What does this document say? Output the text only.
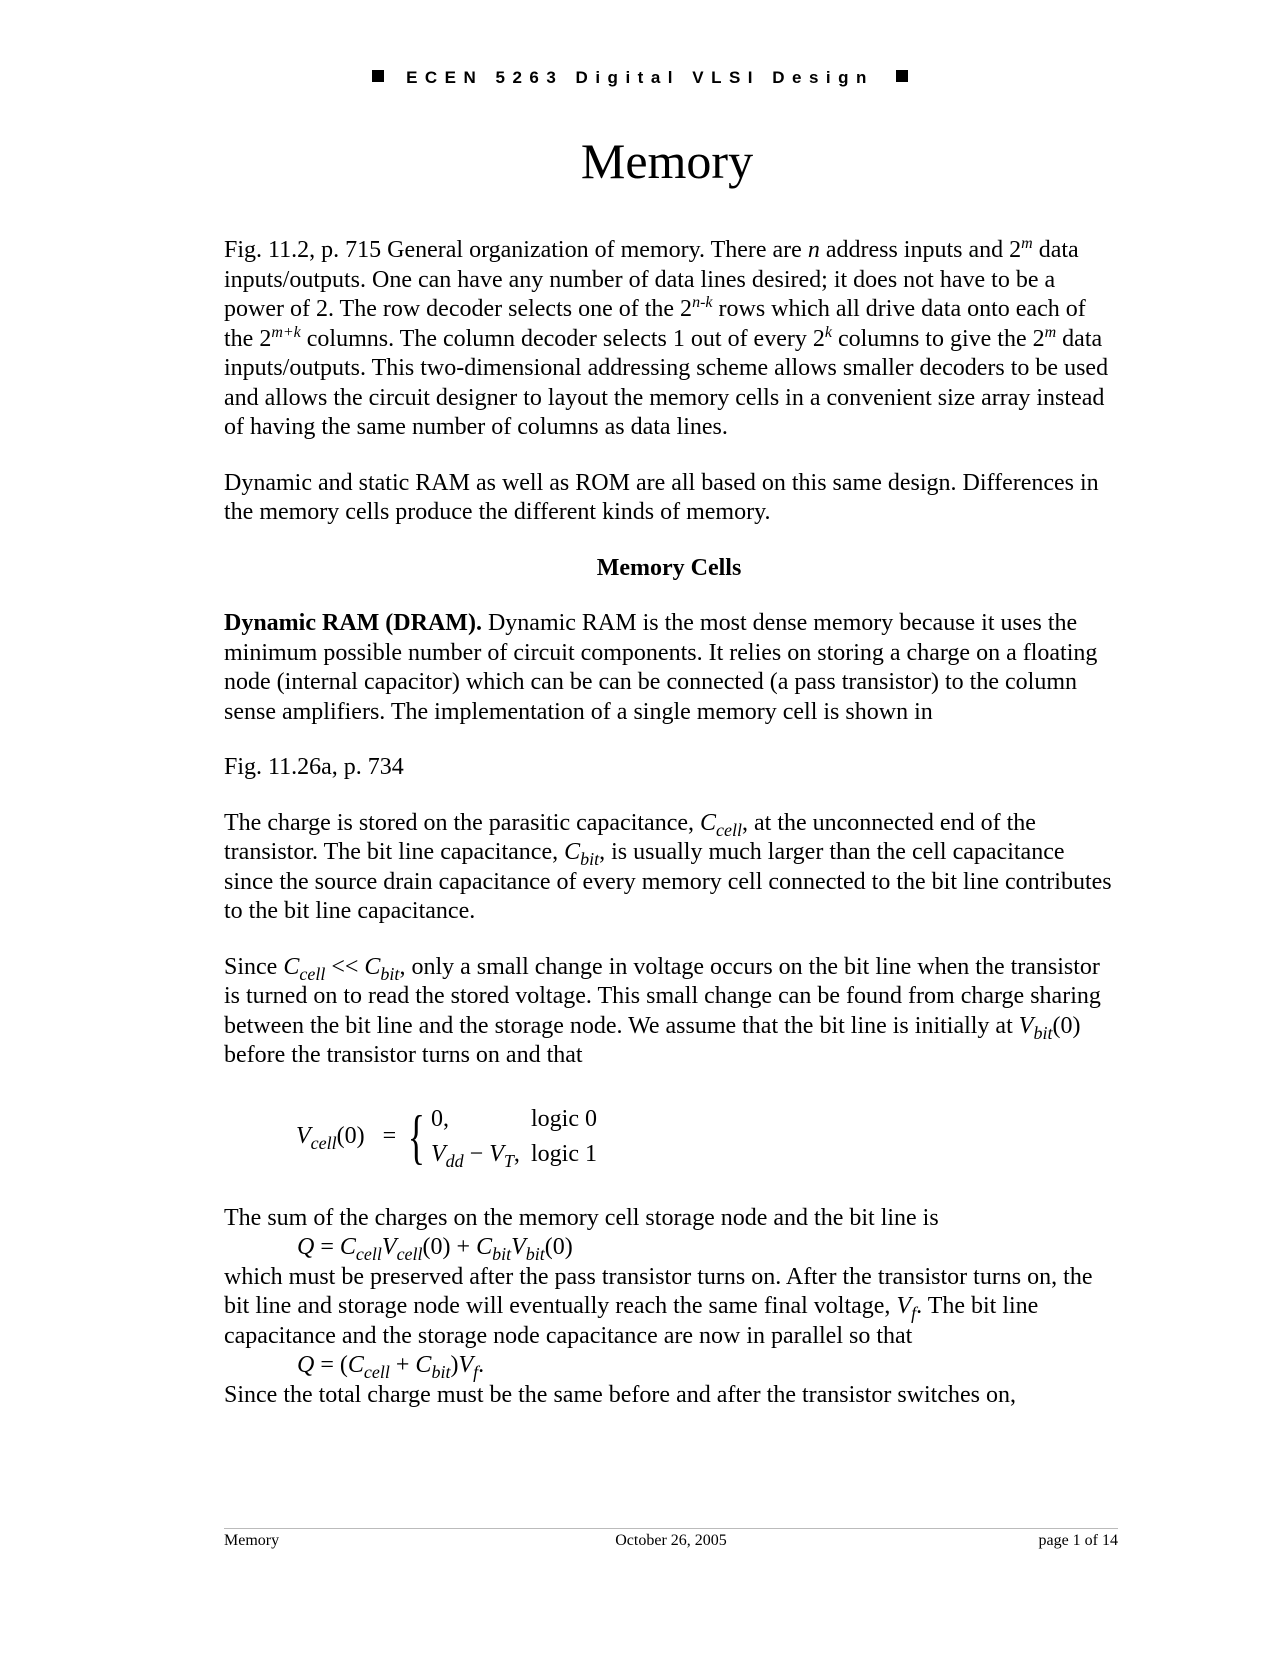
ECEN 5263 Digital VLSI Design
Memory

Fig. 11.2, p. 715 General organization of memory. There are n address inputs and 2$^m$ data inputs/outputs. One can have any number of data lines desired; it does not have to be a power of 2. The row decoder selects one of the 2$^{n-k}$ rows which all drive data onto each of the $2^{m+k}$ columns. The column decoder selects 1 out of every 2$^k$ columns to give the 2$^m$ data inputs/outputs. This two-dimensional addressing scheme allows smaller decoders to be used and allows the circuit designer to layout the memory cells in a convenient size array instead of having the same number of columns as data lines.

Dynamic and static RAM as well as ROM are all based on this same design. Differences in the memory cells produce the different kinds of memory.

Memory Cells

Dynamic RAM (DRAM). Dynamic RAM is the most dense memory because it uses the minimum possible number of circuit components. It relies on storing a charge on a floating node (internal capacitor) which can be can be connected (a pass transistor) to the column sense amplifiers. The implementation of a single memory cell is shown in

Fig. 11.26a, p. 734

The charge is stored on the parasitic capacitance, $C_{cell}$, at the unconnected end of the transistor. The bit line capacitance, $C_{bit}$, is usually much larger than the cell capacitance since the source drain capacitance of every memory cell connected to the bit line contributes to the bit line capacitance.

Since $C_{cell} << C_{bit}$, only a small change in voltage occurs on the bit line when the transistor is turned on to read the stored voltage. This small change can be found from charge sharing between the bit line and the storage node. We assume that the bit line is initially at $V_{bit}(0)$ before the transistor turns on and that

$V_{cell}(0)$ = { 0,	logic 0
$V_{dd} - V_T$, logic 1

The sum of the charges on the memory cell storage node and the bit line is

$Q = C_{cell}V_{cell}(0) + C_{bit}V_{bit}(0)$

which must be preserved after the pass transistor turns on. After the transistor turns on, the bit line and storage node will eventually reach the same final voltage, $V_f$. The bit line capacitance and the storage node capacitance are now in parallel so that

$Q = (C_{cell} + C_{bit})V_f$.

Since the total charge must be the same before and after the transistor switches on,

Memory	October 26, 2005	page 1 of 14
